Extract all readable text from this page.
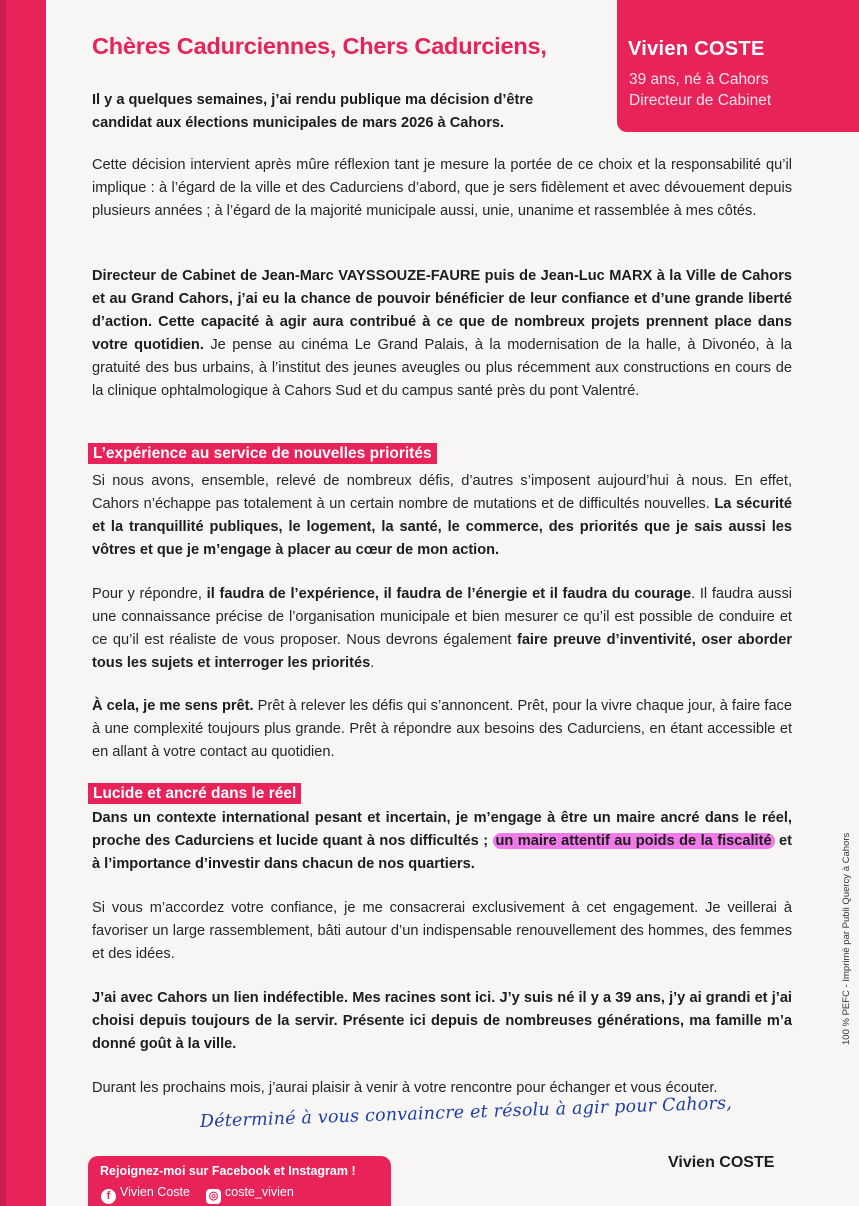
Vivien COSTE
39 ans, né à Cahors
Directeur de Cabinet
Chères Cadurciennes, Chers Cadurciens,

Il y a quelques semaines, j’ai rendu publique ma décision d’être candidat aux élections municipales de mars 2026 à Cahors.

Cette décision intervient après mûre réflexion tant je mesure la portée de ce choix et la responsabilité qu’il implique : à l’égard de la ville et des Cadurciens d’abord, que je sers fidèlement et avec dévouement depuis plusieurs années ; à l’égard de la majorité municipale aussi, unie, unanime et rassemblée à mes côtés.

Directeur de Cabinet de Jean-Marc VAYSSOUZE-FAURE puis de Jean-Luc MARX à la Ville de Cahors et au Grand Cahors, j’ai eu la chance de pouvoir bénéficier de leur confiance et d’une grande liberté d’action. Cette capacité à agir aura contribué à ce que de nombreux projets prennent place dans votre quotidien. Je pense au cinéma Le Grand Palais, à la modernisation de la halle, à Divonéo, à la gratuité des bus urbains, à l’institut des jeunes aveugles ou plus récemment aux constructions en cours de la clinique ophtalmologique à Cahors Sud et du campus santé près du pont Valentré.

L’expérience au service de nouvelles priorités

Si nous avons, ensemble, relevé de nombreux défis, d’autres s’imposent aujourd’hui à nous. En effet, Cahors n’échappe pas totalement à un certain nombre de mutations et de difficultés nouvelles. La sécurité et la tranquillité publiques, le logement, la santé, le commerce, des priorités que je sais aussi les vôtres et que je m’engage à placer au cœur de mon action.

Pour y répondre, il faudra de l’expérience, il faudra de l’énergie et il faudra du courage. Il faudra aussi une connaissance précise de l’organisation municipale et bien mesurer ce qu’il est possible de conduire et ce qu’il est réaliste de vous proposer. Nous devrons également faire preuve d’inventivité, oser aborder tous les sujets et interroger les priorités.

À cela, je me sens prêt. Prêt à relever les défis qui s’annoncent. Prêt, pour la vivre chaque jour, à faire face à une complexité toujours plus grande. Prêt à répondre aux besoins des Cadurciens, en étant accessible et en allant à votre contact au quotidien.

Lucide et ancré dans le réel

Dans un contexte international pesant et incertain, je m’engage à être un maire ancré dans le réel, proche des Cadurciens et lucide quant à nos difficultés ; un maire attentif au poids de la fiscalité et à l’importance d’investir dans chacun de nos quartiers.

Si vous m’accordez votre confiance, je me consacrerai exclusivement à cet engagement. Je veillerai à favoriser un large rassemblement, bâti autour d’un indispensable renouvellement des hommes, des femmes et des idées.

J’ai avec Cahors un lien indéfectible. Mes racines sont ici. J’y suis né il y a 39 ans, j’y ai grandi et j’ai choisi depuis toujours de la servir. Présente ici depuis de nombreuses générations, ma famille m’a donné goût à la ville.

Durant les prochains mois, j’aurai plaisir à venir à votre rencontre pour échanger et vous écouter.

Déterminé à vous convaincre et résolu à agir pour Cahors,

Vivien COSTE

Rejoignez-moi sur Facebook et Instagram !
f Vivien Coste ◎ coste_vivien

100 % PEFC - Imprimé par Publi Quercy à Cahors
